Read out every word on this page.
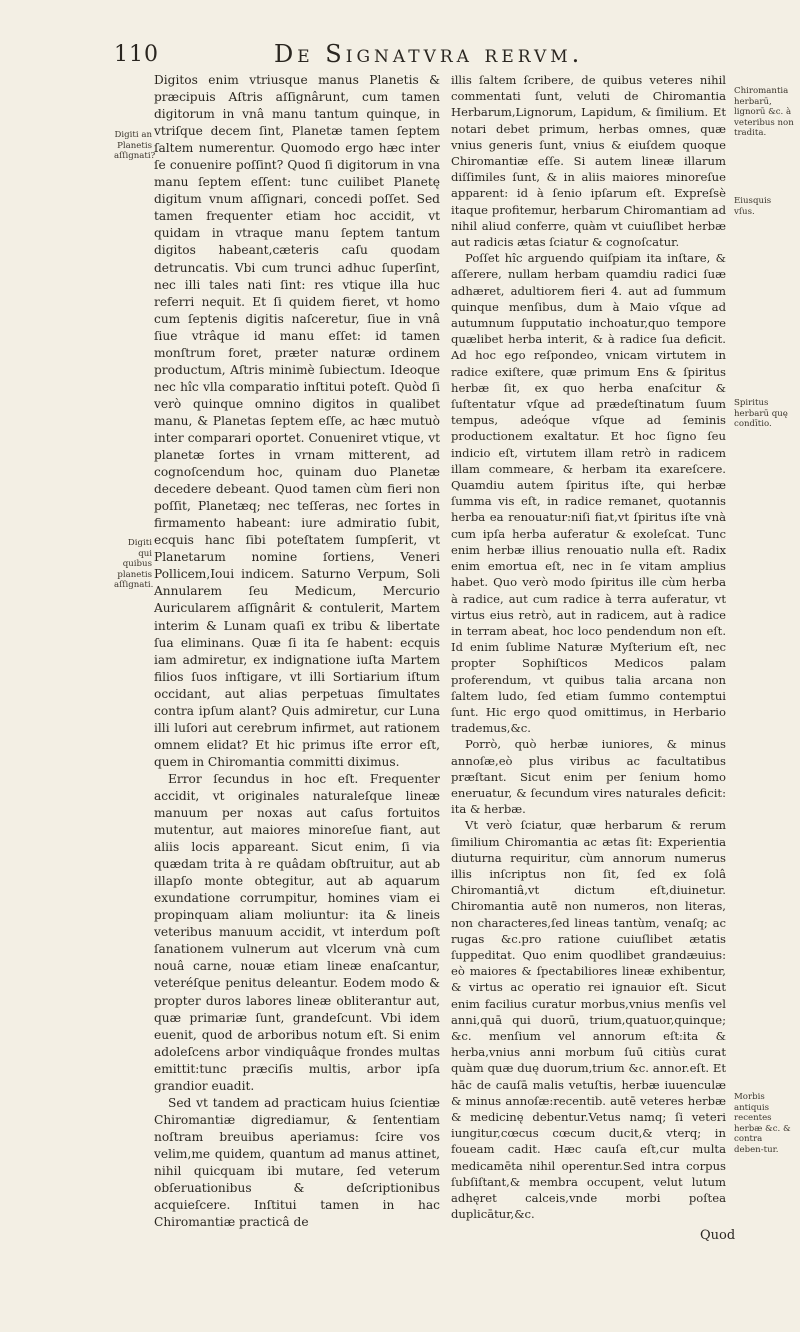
110	De Signatvra rervm.
Digiti an Planetis aſſignati?
Digiti qui quibus planetis aſſignati.

Digitos enim vtriusque manus Planetis & præcipuis Aſtris aſſignârunt, cum tamen digitorum in vnâ manu tantum quinque, in vtriſque decem ſint, Planetæ tamen ſeptem ſaltem numerentur. Quomodo ergo hæc inter ſe conuenire poſſint? Quod ſi digitorum in vna manu ſeptem eſſent: tunc cuilibet Planetę digitum vnum aſſignari, concedi poſſet. Sed tamen frequenter etiam hoc accidit, vt quidam in vtraque manu ſeptem tantum digitos habeant,cæteris caſu quodam detruncatis. Vbi cum trunci adhuc ſuperſint, nec illi tales nati ſint: res vtique illa huc referri nequit. Et ſi quidem fieret, vt homo cum ſeptenis digitis naſceretur, ſiue in vnâ ſiue vtrâque id manu eſſet: id tamen monſtrum foret, præter naturæ ordinem productum, Aſtris minimè ſubiectum. Ideoque nec hîc vlla comparatio inſtitui poteſt. Quòd ſi verò quinque omnino digitos in qualibet manu, & Planetas ſeptem eſſe, ac hæc mutuò inter comparari oportet. Conueniret vtique, vt planetæ ſortes in vrnam mitterent, ad cognoſcendum hoc, quinam duo Planetæ decedere debeant. Quod tamen cùm fieri non poſſit, Planetæq; nec teſſeras, nec ſortes in firmamento habeant: iure admiratio ſubit, ecquis hanc ſibi poteſtatem ſumpſerit, vt Planetarum nomine ſortiens, Veneri Pollicem,Ioui indicem. Saturno Verpum, Soli Annularem ſeu Medicum, Mercurio Auricularem aſſignârit & contulerit, Martem interim & Lunam quaſi ex tribu & libertate ſua eliminans. Quæ ſi ita ſe habent: ecquis iam admiretur, ex indignatione iuſta Martem filios ſuos inſtigare, vt illi Sortiarium iſtum occidant, aut alias perpetuas ſimultates contra ipſum alant? Quis admiretur, cur Luna illi luſori aut cerebrum infirmet, aut rationem omnem elidat? Et hic primus iſte error eſt, quem in Chiromantia committi diximus.

Error ſecundus in hoc eſt. Frequenter accidit, vt originales naturaleſque lineæ manuum per noxas aut caſus fortuitos mutentur, aut maiores minoreſue fiant, aut aliis locis appareant. Sicut enim, ſi via quædam trita à re quâdam obſtruitur, aut ab illapſo monte obtegitur, aut ab aquarum exundatione corrumpitur, homines viam ei propinquam aliam moliuntur: ita & lineis veteribus manuum accidit, vt interdum poſt ſanationem vulnerum aut vlcerum vnà cum nouâ carne, nouæ etiam lineæ enaſcantur, veteréſque penitus deleantur. Eodem modo & propter duros labores lineæ obliterantur aut, quæ primariæ ſunt, grandeſcunt. Vbi idem euenit, quod de arboribus notum eſt. Si enim adoleſcens arbor vindiquâque frondes multas emittit:tunc præciſis multis, arbor ipſa grandior euadit.

Sed vt tandem ad practicam huius ſcientiæ Chiromantiæ digrediamur, & ſententiam noſtram breuibus aperiamus: ſcire vos velim,me quidem, quantum ad manus attinet, nihil quicquam ibi mutare, ſed veterum obſeruationibus & deſcriptionibus acquieſcere. Inſtitui tamen in hac Chiromantiæ practicâ de

illis ſaltem ſcribere, de quibus veteres nihil commentati ſunt, veluti de Chiromantia Herbarum,Lignorum, Lapidum, & ſimilium. Et notari debet primum, herbas omnes, quæ vnius generis ſunt, vnius & eiuſdem quoque Chiromantiæ eſſe. Si autem lineæ illarum diſſimiles ſunt, & in aliis maiores minoreſue apparent: id à ſenio ipſarum eſt. Expreſsè itaque profitemur, herbarum Chiromantiam ad nihil aliud conferre, quàm vt cuiuſlibet herbæ aut radicis ætas ſciatur & cognoſcatur.

Poſſet hîc arguendo quiſpiam ita inſtare, & aſſerere, nullam herbam quamdiu radici ſuæ adhæret, adultiorem fieri 4. aut ad ſummum quinque menſibus, dum à Maio vſque ad autumnum ſupputatio inchoatur,quo tempore quælibet herba interit, & à radice ſua deficit. Ad hoc ego reſpondeo, vnicam virtutem in radice exiſtere, quæ primum Ens & ſpiritus herbæ ſit, ex quo herba enaſcitur & ſuſtentatur vſque ad prædeſtinatum ſuum tempus, adeóque vſque ad ſeminis productionem exaltatur. Et hoc ſigno ſeu indicio eſt, virtutem illam retrò in radicem illam commeare, & herbam ita exareſcere. Quamdiu autem ſpiritus iſte, qui herbæ ſumma vis eſt, in radice remanet, quotannis herba ea renouatur:niſi fiat,vt ſpiritus iſte vnà cum ipſa herba auferatur & exoleſcat. Tunc enim herbæ illius renouatio nulla eſt. Radix enim emortua eſt, nec in ſe vitam amplius habet. Quo verò modo ſpiritus ille cùm herba à radice, aut cum radice à terra auferatur, vt virtus eius retrò, aut in radicem, aut à radice in terram abeat, hoc loco pendendum non eſt. Id enim ſublime Naturæ Myſterium eſt, nec propter Sophiſticos Medicos palam proferendum, vt quibus talia arcana non ſaltem ludo, ſed etiam ſummo contemptui ſunt. Hic ergo quod omittimus, in Herbario trademus,&c.

Porrò, quò herbæ iuniores, & minus annoſæ,eò plus viribus ac facultatibus præſtant. Sicut enim per ſenium homo eneruatur, & ſecundum vires naturales deficit: ita & herbæ.

Vt verò ſciatur, quæ herbarum & rerum ſimilium Chiromantia ac ætas ſit: Experientia diuturna requiritur, cùm annorum numerus illis inſcriptus non ſit, ſed ex ſolâ Chiromantiâ,vt dictum eſt,diuinetur. Chiromantia autē non numeros, non literas, non characteres,ſed lineas tantùm, venaſq; ac rugas &c.pro ratione cuiuſlibet ætatis ſuppeditat. Quo enim quodlibet grandæuius: eò maiores & ſpectabiliores lineæ exhibentur, & virtus ac operatio rei ignauior eſt. Sicut enim facilius curatur morbus,vnius menſis vel anni,quā qui duorū, trium,quatuor,quinque; &c. menſium vel annorum eſt:ita & herba,vnius anni morbum ſuū citiùs curat quàm quæ duę duorum,trium &c. annor.eſt. Et hāc de cauſā malis vetuſtis, herbæ iuuenculæ & minus annoſæ:recentib. autē veteres herbæ & medicinę debentur.Vetus namq; ſi veteri iungitur,cœcus cœcum ducit,& vterq; in foueam cadit. Hæc cauſa eſt,cur multa medicamēta nihil operentur.Sed intra corpus ſubſiſtant,& membra occupent, velut lutum adhęret calceis,vnde morbi poſtea duplicātur,&c.

Chiromantia herbarū, lignorū &c. à veteribus non tradita.
Eiusquis vſus.
Spiritus herbarū quę condītio.
Morbis antiquis recentes herbæ &c. & contra deben-tur.
Quod
